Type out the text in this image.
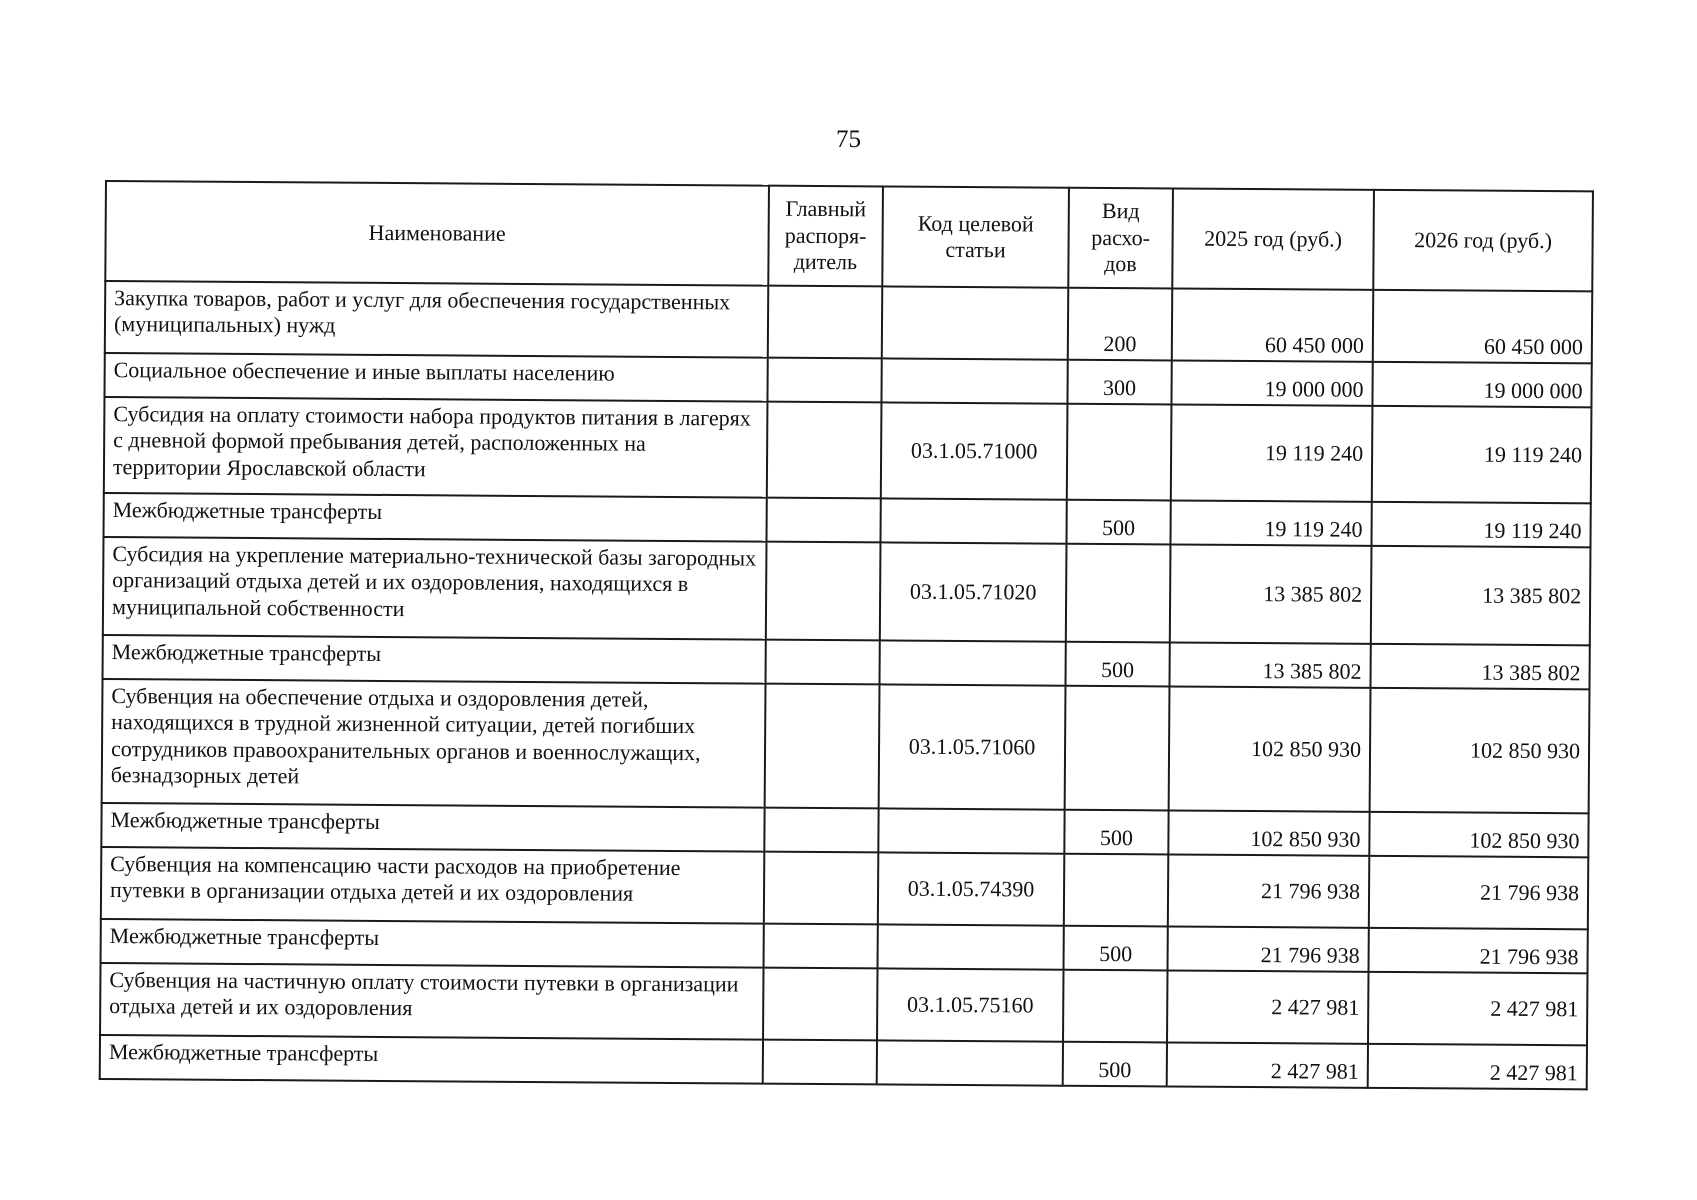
75
Наименование	Главный распоря-дитель	Код целевой статьи	Вид расхо-дов	2025 год (руб.)	2026 год (руб.)
Закупка товаров, работ и услуг для обеспечения государственных (муниципальных) нужд			200	60 450 000	60 450 000
Социальное обеспечение и иные выплаты населению			300	19 000 000	19 000 000
Субсидия на оплату стоимости набора продуктов питания в лагерях с дневной формой пребывания детей, расположенных на территории Ярославской области		03.1.05.71000		19 119 240	19 119 240
Межбюджетные трансферты			500	19 119 240	19 119 240
Субсидия на укрепление материально-технической базы загородных организаций отдыха детей и их оздоровления, находящихся в муниципальной собственности		03.1.05.71020		13 385 802	13 385 802
Межбюджетные трансферты			500	13 385 802	13 385 802
Субвенция на обеспечение отдыха и оздоровления детей, находящихся в трудной жизненной ситуации, детей погибших сотрудников правоохранительных органов и военнослужащих, безнадзорных детей		03.1.05.71060		102 850 930	102 850 930
Межбюджетные трансферты			500	102 850 930	102 850 930
Субвенция на компенсацию части расходов на приобретение путевки в организации отдыха детей и их оздоровления		03.1.05.74390		21 796 938	21 796 938
Межбюджетные трансферты			500	21 796 938	21 796 938
Субвенция на частичную оплату стоимости путевки в организации отдыха детей и их оздоровления		03.1.05.75160		2 427 981	2 427 981
Межбюджетные трансферты			500	2 427 981	2 427 981
